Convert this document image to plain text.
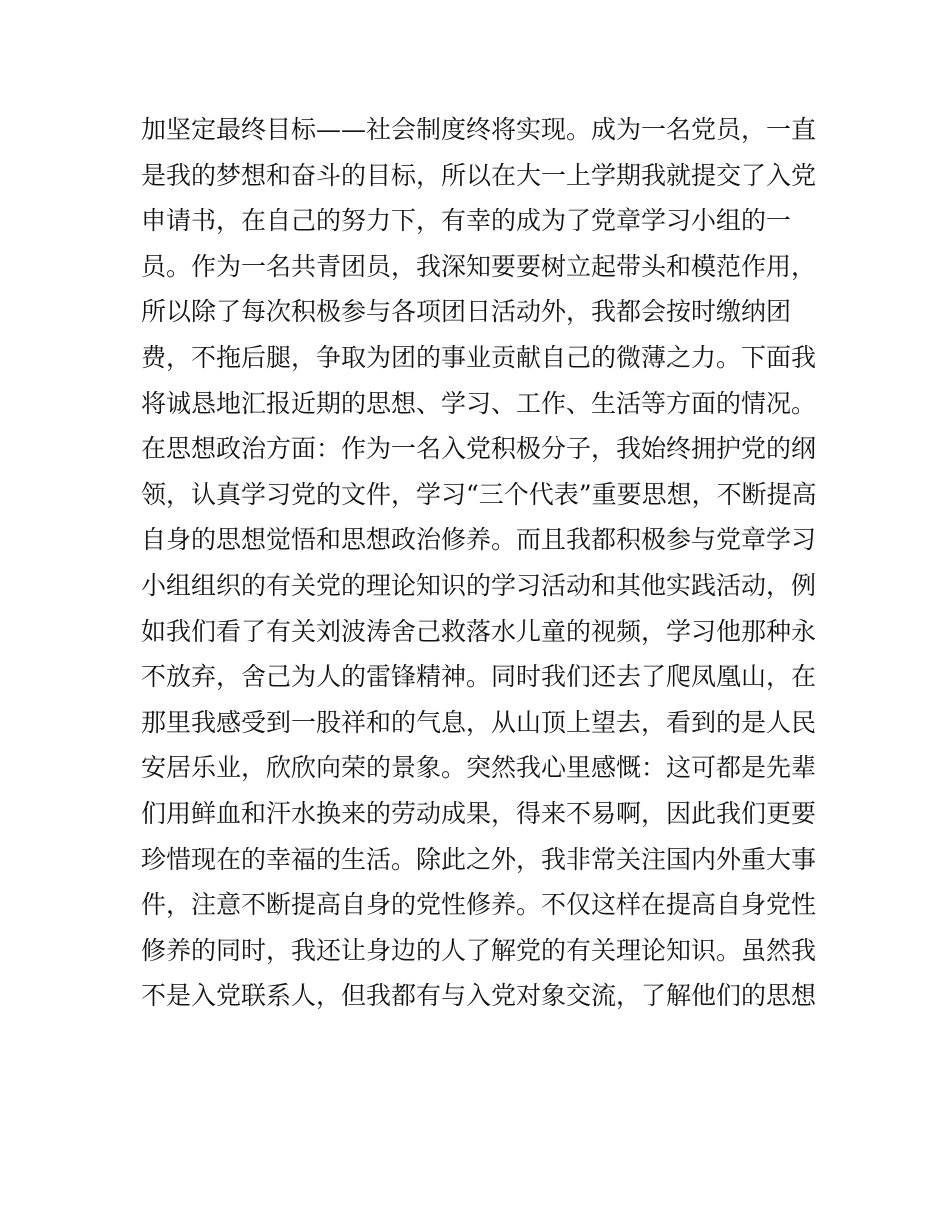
加坚定最终目标——社会制度终将实现。成为一名党员，一直
是我的梦想和奋斗的目标，所以在大一上学期我就提交了入党
申请书，在自己的努力下，有幸的成为了党章学习小组的一
员。作为一名共青团员，我深知要要树立起带头和模范作用，
所以除了每次积极参与各项团日活动外，我都会按时缴纳团
费，不拖后腿，争取为团的事业贡献自己的微薄之力。下面我
将诚恳地汇报近期的思想、学习、工作、生活等方面的情况。
在思想政治方面：作为一名入党积极分子，我始终拥护党的纲
领，认真学习党的文件，学习“三个代表”重要思想，不断提高
自身的思想觉悟和思想政治修养。而且我都积极参与党章学习
小组组织的有关党的理论知识的学习活动和其他实践活动，例
如我们看了有关刘波涛舍己救落水儿童的视频，学习他那种永
不放弃，舍己为人的雷锋精神。同时我们还去了爬凤凰山，在
那里我感受到一股祥和的气息，从山顶上望去，看到的是人民
安居乐业，欣欣向荣的景象。突然我心里感慨：这可都是先辈
们用鲜血和汗水换来的劳动成果，得来不易啊，因此我们更要
珍惜现在的幸福的生活。除此之外，我非常关注国内外重大事
件，注意不断提高自身的党性修养。不仅这样在提高自身党性
修养的同时，我还让身边的人了解党的有关理论知识。虽然我
不是入党联系人，但我都有与入党对象交流，了解他们的思想
